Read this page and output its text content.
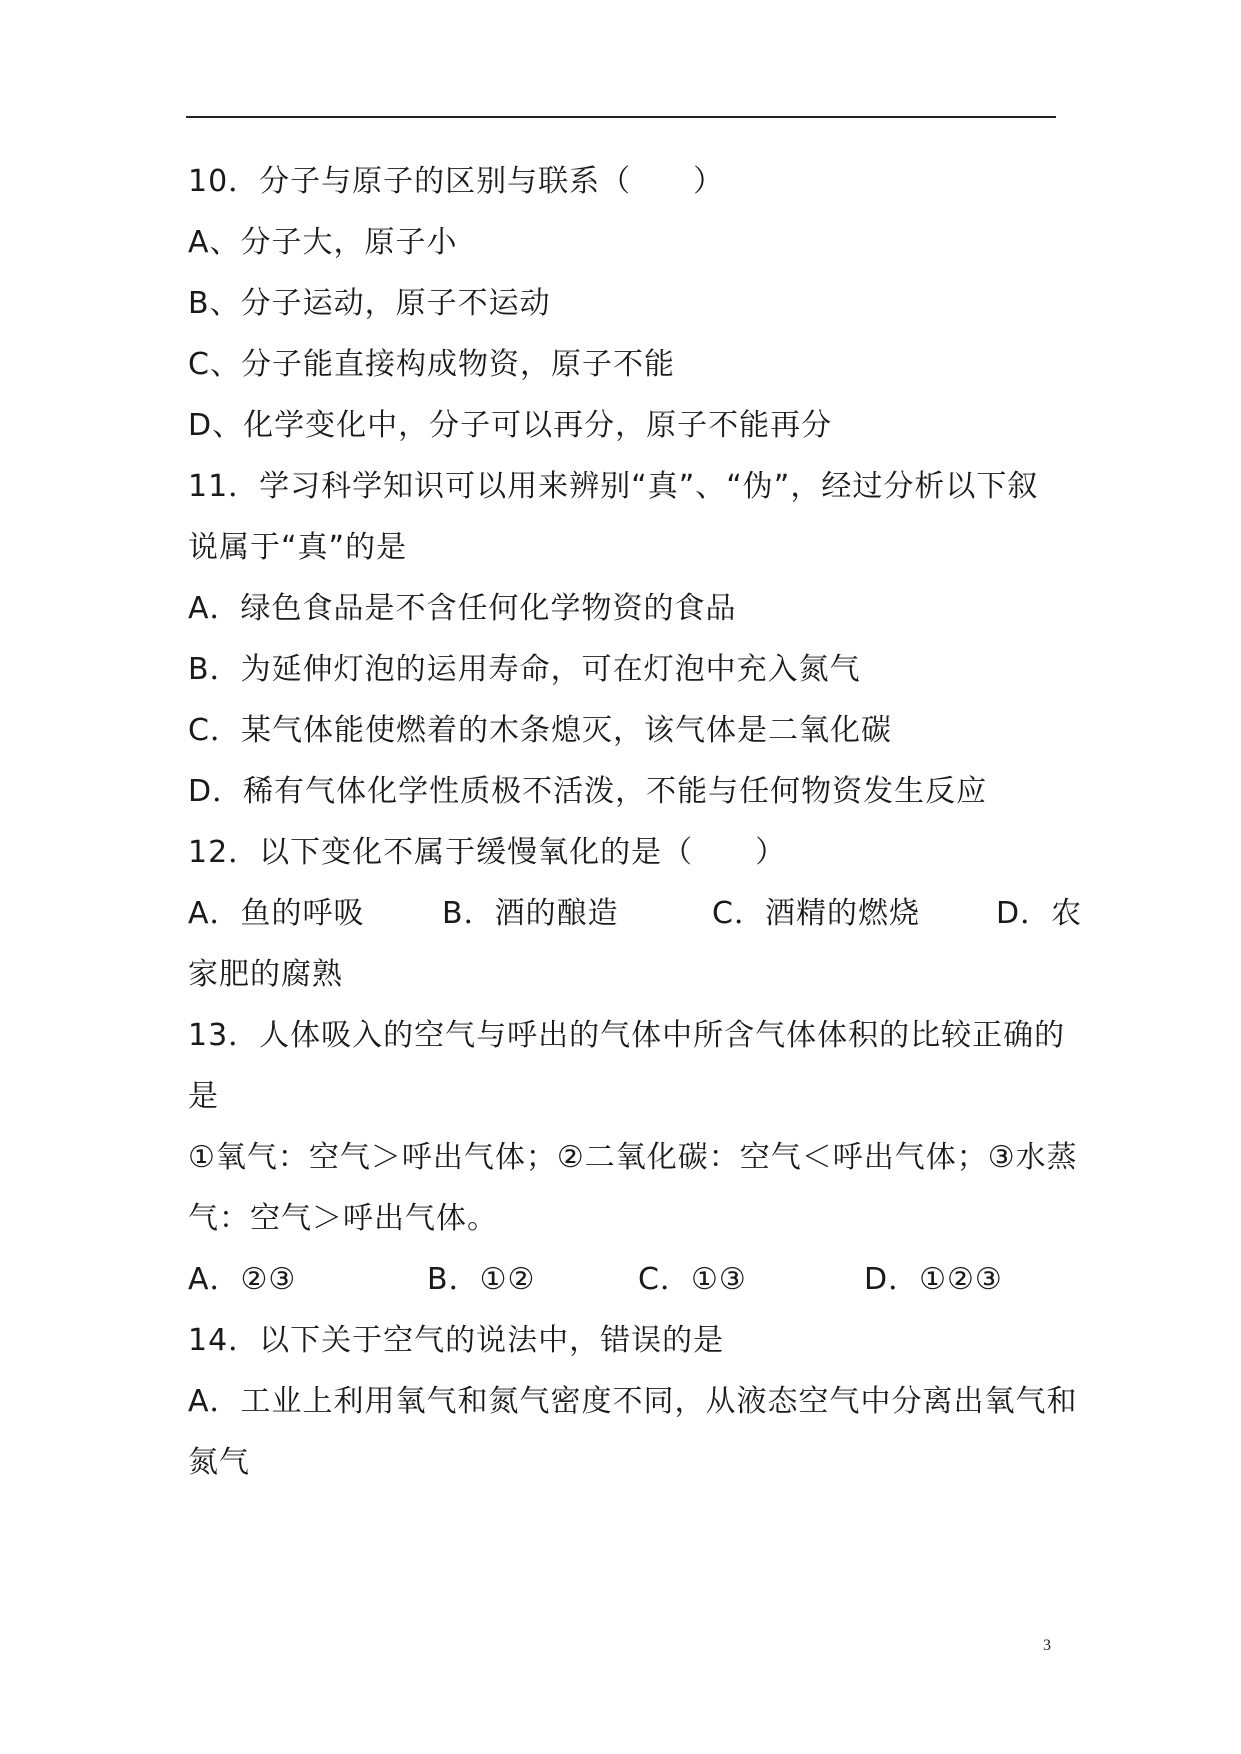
10．分子与原子的区别与联系（　　）
A、分子大，原子小
B、分子运动，原子不运动
C、分子能直接构成物资，原子不能
D、化学变化中，分子可以再分，原子不能再分
11．学习科学知识可以用来辨别“真”、“伪”，经过分析以下叙
说属于“真”的是
A．绿色食品是不含任何化学物资的食品
B．为延伸灯泡的运用寿命，可在灯泡中充入氮气
C．某气体能使燃着的木条熄灭，该气体是二氧化碳
D．稀有气体化学性质极不活泼，不能与任何物资发生反应
12．以下变化不属于缓慢氧化的是（　　）
A．鱼的呼吸	B．酒的酿造	C．酒精的燃烧	D．农
家肥的腐熟
13．人体吸入的空气与呼出的气体中所含气体体积的比较正确的
是
①氧气：空气＞呼出气体；②二氧化碳：空气＜呼出气体；③水蒸
气：空气＞呼出气体。
A．②③	B．①②	C．①③	D．①②③
14．以下关于空气的说法中，错误的是
A．工业上利用氧气和氮气密度不同，从液态空气中分离出氧气和
氮气
3
